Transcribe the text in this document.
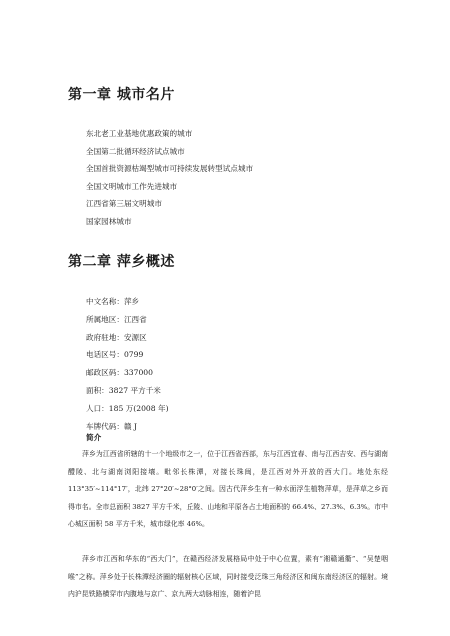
第一章 城市名片
东北老工业基地优惠政策的城市
全国第二批循环经济试点城市
全国首批资源枯竭型城市可持续发展转型试点城市
全国文明城市工作先进城市
江西省第三届文明城市
国家园林城市
第二章 萍乡概述
中文名称：萍乡
所属地区：江西省
政府驻地：安源区
电话区号：0799
邮政区码：337000
面积：3827 平方千米
人口：185 万(2008 年)
车牌代码：赣 J
简介

萍乡为江西省所辖的十一个地级市之一，位于江西省西部，东与江西宜春、南与江西吉安、西与湖南醴陵、北与湖南浏阳接壤。毗邻长株潭，对接长珠闽，是江西对外开放的西大门。地处东经 113°35′~114°17′，北纬 27°20′~28°0′之间。因古代萍乡生有一种水面浮生植物萍草，是萍草之乡而得市名。全市总面积 3827 平方千米，丘陵、山地和平原各占土地面积的 66.4%、27.3%、6.3%。市中心城区面积 58 平方千米，城市绿化率 46%。

萍乡市江西和华东的“西大门”，在赣西经济发展格局中处于中心位置，素有“湘赣通衢”、“吴楚咽喉”之称。萍乡处于长株潭经济圈的辐射核心区域，同时接受泛珠三角经济区和闽东南经济区的辐射。境内沪昆铁路横穿市内腹地与京广、京九两大动脉相连，随着沪昆
